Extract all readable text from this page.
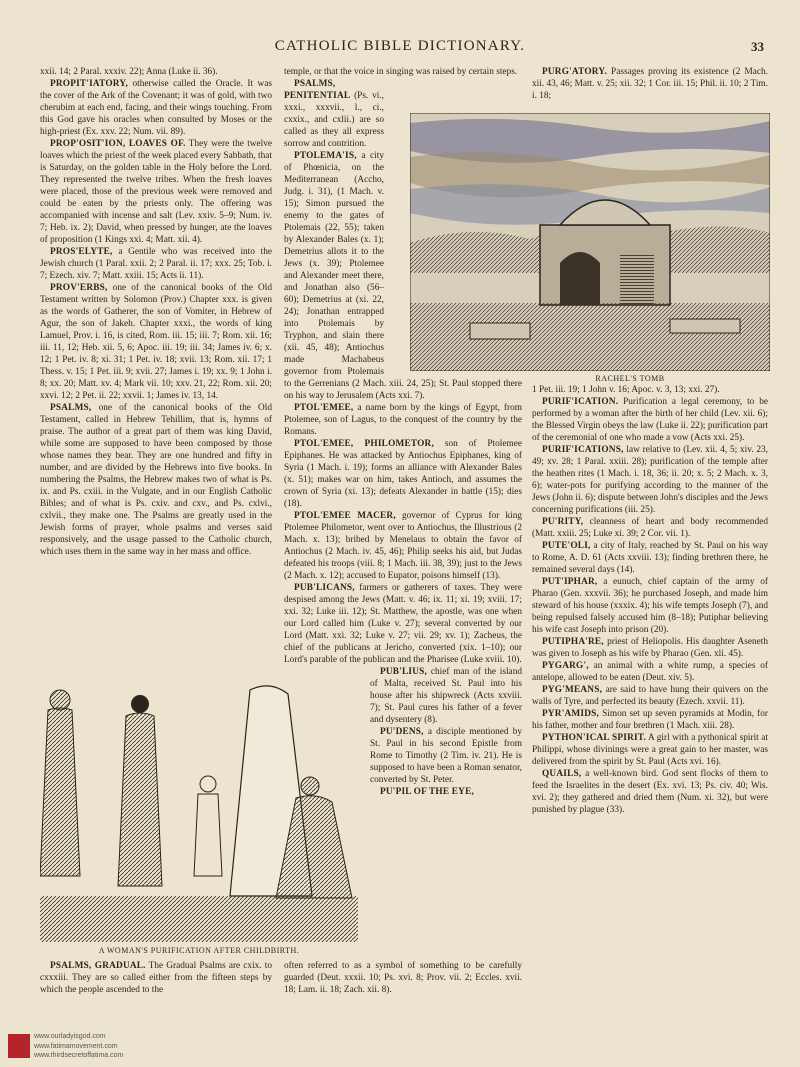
CATHOLIC BIBLE DICTIONARY.	33

xxii. 14; 2 Paral. xxxiv. 22); Anna (Luke ii. 36).

PROPIT'IATORY, otherwise called the Oracle. It was the cover of the Ark of the Covenant; it was of gold, with two cherubim at each end, facing, and their wings touching. From this God gave his oracles when consulted by Moses or the high-priest (Ex. xxv. 22; Num. vii. 89).

PROP'OSIT'ION, LOAVES OF. They were the twelve loaves which the priest of the week placed every Sabbath, that is Saturday, on the golden table in the Holy before the Lord. They represented the twelve tribes. When the fresh loaves were placed, those of the previous week were removed and could be eaten by the priests only. The offering was accompanied with incense and salt (Lev. xxiv. 5–9; Num. iv. 7; Heb. ix. 2); David, when pressed by hunger, ate the loaves of proposition (1 Kings xxi. 4; Matt. xii. 4).

PROS'ELYTE, a Gentile who was received into the Jewish church (1 Paral. xxii. 2; 2 Paral. ii. 17; xxx. 25; Tob. i. 7; Ezech. xiv. 7; Matt. xxiii. 15; Acts ii. 11).

PROV'ERBS, one of the canonical books of the Old Testament written by Solomon (Prov.) Chapter xxx. is given as the words of Gatherer, the son of Vomiter, in Hebrew of Agur, the son of Jakeh. Chapter xxxi., the words of king Lamuel, Prov. i. 16, is cited, Rom. iii. 15; iii. 7; Rom. xii. 16; iii. 11, 12; Heb. xii. 5, 6; Apoc. iii. 19; iii. 34; James iv. 6; x. 12; 1 Pet. iv. 8; xi. 31; 1 Pet. iv. 18; xvii. 13; Rom. xii. 17; 1 Thess. v. 15; 1 Pet. iii. 9; xvii. 27; James i. 19; xx. 9; 1 John i. 8; xx. 20; Matt. xv. 4; Mark vii. 10; xxv. 21, 22; Rom. xii. 20; xxvi. 12; 2 Pet. ii. 22; xxvii. 1; James iv. 13, 14.

PSALMS, one of the canonical books of the Old Testament, called in Hebrew Tehillim, that is, hymns of praise. The author of a great part of them was king David, while some are supposed to have been composed by those whose names they bear. They are one hundred and fifty in number, and are divided by the Hebrews into five books. In numbering the Psalms, the Hebrew makes two of what is Ps. ix. and Ps. cxiii. in the Vulgate, and in our English Catholic Bibles; and of what is Ps. cxiv. and cxv., and Ps. cxlvi., cxlvii., they make one. The Psalms are greatly used in the Jewish forms of prayer, whole psalms and verses said responsively, and the usage passed to the Catholic church, which uses them in the same way in her mass and office.

temple, or that the voice in singing was raised by certain steps.

PSALMS, PENITENTIAL (Ps. vi., xxxi., xxxvii., l., ci., cxxix., and cxlii.) are so called as they all express sorrow and contrition.

PTOLEMA'IS, a city of Phœnicia, on the Mediterranean (Accho, Judg. i. 31), (1 Mach. v. 15); Simon pursued the enemy to the gates of Ptolemais (22, 55); taken by Alexander Bales (x. 1); Demetrius allots it to the Jews (x. 39); Ptolemee and Alexander meet there, and Jonathan also (56–60); Demetrius at (xi. 22, 24); Jonathan entrapped into Ptolemais by Tryphon, and slain there (xii. 45, 48); Antiochus made Machabeus governor from Ptolemais to the Gerrenians (2 Mach. xiii. 24, 25); St. Paul stopped there on his way to Jerusalem (Acts xxi. 7).

PTOL'EMEE, a name born by the kings of Egypt, from Ptolemee, son of Lagus, to the conquest of the country by the Romans.

PTOL'EMEE, PHILOMETOR, son of Ptolemee Epiphanes. He was attacked by Antiochus Epiphanes, king of Syria (1 Mach. i. 19); forms an alliance with Alexander Bales (x. 51); makes war on him, takes Antioch, and assumes the crown of Syria (xi. 13); defeats Alexander in battle (15); dies (18).

PTOL'EMEE MACER, governor of Cyprus for king Ptolemee Philometor, went over to Antiochus, the Illustrious (2 Mach. x. 13); bribed by Menelaus to obtain the favor of Antiochus (2 Mach. iv. 45, 46); Philip seeks his aid, but Judas defeated his troops (viii. 8; 1 Mach. iii. 38, 39); just to the Jews (2 Mach. x. 12); accused to Eupator, poisons himself (13).

PUB'LICANS, farmers or gatherers of taxes. They were despised among the Jews (Matt. v. 46; ix. 11; xi. 19; xviii. 17; xxi. 32; Luke iii. 12); St. Matthew, the apostle, was one when our Lord called him (Luke v. 27); several converted by our Lord (Matt. xxi. 32; Luke v. 27; vii. 29; xv. 1); Zacheus, the chief of the publicans at Jericho, converted (xix. 1–10); our Lord's parable of the publican and the Pharisee (Luke xviii. 10).

PUB'LIUS, chief man of the island of Malta, received St. Paul into his house after his shipwreck (Acts xxviii. 7); St. Paul cures his father of a fever and dysentery (8).

PU'DENS, a disciple mentioned by St. Paul in his second Epistle from Rome to Timothy (2 Tim. iv. 21). He is supposed to have been a Roman senator, converted by St. Peter.

PU'PIL OF THE EYE,

PURG'ATORY. Passages proving its existence (2 Mach. xii. 43, 46; Matt. v. 25; xii. 32; 1 Cor. iii. 15; Phil. ii. 10; 2 Tim. i. 18;

1 Pet. iii. 19; 1 John v. 16; Apoc. v. 3, 13; xxi. 27).

PURIF'ICATION. Purification a legal ceremony, to be performed by a woman after the birth of her child (Lev. xii. 6); the Blessed Virgin obeys the law (Luke ii. 22); purification part of the ceremonial of one who made a vow (Acts xxi. 25).

PURIF'ICATIONS, law relative to (Lev. xii. 4, 5; xiv. 23, 49; xv. 28; 1 Paral. xxiii. 28); purification of the temple after the heathen rites (1 Mach. i. 18, 36; ii. 20; x. 5; 2 Mach. x. 3, 6); water-pots for purifying according to the manner of the Jews (John ii. 6); dispute between John's disciples and the Jews concerning purifications (iii. 25).

PU'RITY, cleanness of heart and body recommended (Matt. xxiii. 25; Luke xi. 39; 2 Cor. vii. 1).

PUTE'OLI, a city of Italy, reached by St. Paul on his way to Rome, A. D. 61 (Acts xxviii. 13); finding brethren there, he remained several days (14).

PUT'IPHAR, a eunuch, chief captain of the army of Pharao (Gen. xxxvii. 36); he purchased Joseph, and made him steward of his house (xxxix. 4); his wife tempts Joseph (7), and being repulsed falsely accused him (8–18); Putiphar believing his wife cast Joseph into prison (20).

PUTIPHA'RE, priest of Heliopolis. His daughter Aseneth was given to Joseph as his wife by Pharao (Gen. xli. 45).

PYGARG', an animal with a white rump, a species of antelope, allowed to be eaten (Deut. xiv. 5).

PYG'MEANS, are said to have hung their quivers on the walls of Tyre, and perfected its beauty (Ezech. xxvii. 11).

PYR'AMIDS, Simon set up seven pyramids at Modin, for his father, mother and four brethren (1 Mach. xiii. 28).

PYTHON'ICAL SPIRIT. A girl with a pythonical spirit at Philippi, whose divinings were a great gain to her master, was delivered from the spirit by St. Paul (Acts xvi. 16).

QUAILS, a well-known bird. God sent flocks of them to feed the Israelites in the desert (Ex. xvi. 13; Ps. civ. 40; Wis. xvi. 2); they gathered and dried them (Num. xi. 32), but were punished by plague (33).

RACHEL'S TOMB
A WOMAN'S PURIFICATION AFTER CHILDBIRTH.

PSALMS, GRADUAL. The Gradual Psalms are cxix. to cxxxiii. They are so called either from the fifteen steps by which the people ascended to the

often referred to as a symbol of something to be carefully guarded (Deut. xxxii. 10; Ps. xvi. 8; Prov. vii. 2; Eccles. xvii. 18; Lam. ii. 18; Zach. xii. 8).

www.ourladyisgod.com
www.fatimamovement.com
www.thirdsecretoffatima.com
